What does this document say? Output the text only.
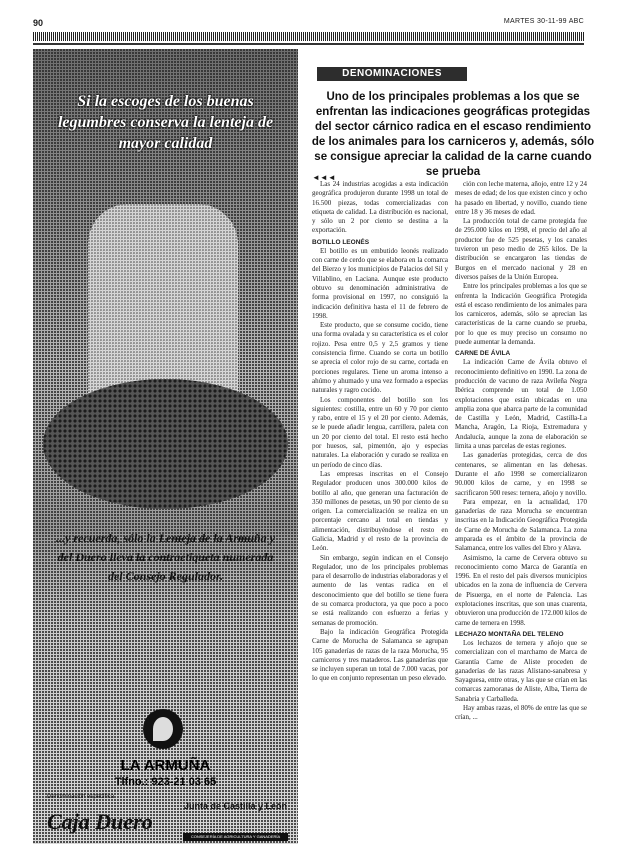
90	MARTES 30-11-99 ABC
Si la escoges de los buenas legumbres conserva la lenteja de mayor calidad
...y recuerda, sólo la Lenteja de la Armuña y del Duero lleva la contraetiqueta numerada del Consejo Regulador.
LA ARMUÑA
Tlfno.: 923-21 03 65
Denominación específica
Caja Duero
Junta de Castilla y León
CONSEJERÍA DE AGRICULTURA Y GANADERÍA
DENOMINACIONES
Uno de los principales problemas a los que se enfrentan las indicaciones geográficas protegidas del sector cárnico radica en el escaso rendimiento de los animales para los carniceros y, además, sólo se consigue apreciar la calidad de la carne cuando se prueba
◄◄◄

Las 24 industrias acogidas a esta indicación geográfica produjeron durante 1998 un total de 16.500 piezas, todas comercializadas con etiqueta de calidad. La distribución es nacional, y sólo un 2 por ciento se destina a la exportación.

BOTILLO LEONÉS

El botillo es un embutido leonés realizado con carne de cerdo que se elabora en la comarca del Bierzo y los municipios de Palacios del Sil y Villablino, en Laciana. Aunque este producto obtuvo su denominación administrativa de forma provisional en 1997, no consiguió la indicación definitiva hasta el 11 de febrero de 1998.

Este producto, que se consume cocido, tiene una forma ovalada y su característica es el color rojizo. Pesa entre 0,5 y 2,5 gramos y tiene consistencia firme. Cuando se corta un botillo se aprecia el color rojo de su carne, cortada en porciones regulares. Tiene un aroma intenso a ahúmo y ahumado y una vez formado a especias naturales y ragro cocido.

Los componentes del botillo son los siguientes: costilla, entre un 60 y 70 por ciento y rabo, entre el 15 y el 20 por ciento. Además, se le puede añadir lengua, carrillera, paleta con un 20 por ciento del total. El resto está hecho por huesos, sal, pimentón, ajo y especias naturales. La elaboración y curado se realiza en un período de cinco días.

Las empresas inscritas en el Consejo Regulador producen unos 300.000 kilos de botillo al año, que generan una facturación de 350 millones de pesetas, un 90 por ciento de su origen. La comercialización se realiza en un porcentaje cercano al total en tiendas y alimentación, distribuyéndose el resto en Galicia, Madrid y el resto de la provincia de León.

Sin embargo, según indican en el Consejo Regulador, uno de los principales problemas para el desarrollo de industrias elaboradoras y el aumento de las ventas radica en el desconocimiento que del botillo se tiene fuera de su comarca productora, ya que poco a poco se está realizando con esfuerzo a ferias y semanas de promoción.

Bajo la indicación Geográfica Protegida Carne de Morucha de Salamanca se agrupan 105 ganaderías de razas de la raza Morucha, 95 carniceros y tres mataderos. Las ganaderías que se incluyen superan un total de 7.000 vacas, por lo que en conjunto representan un peso elevado.

ción con leche materna, añojo, entre 12 y 24 meses de edad; de los que existen cinco y ocho ha pasado en libertad, y novillo, cuando tiene entre 18 y 36 meses de edad.

La producción total de carne protegida fue de 295.000 kilos en 1998, el precio del año al productor fue de 525 pesetas, y los canales tuvieron un peso medio de 265 kilos. De la distribución se encargaron las tiendas de Burgos en el mercado nacional y 28 en diversos países de la Unión Europea.

Entre los principales problemas a los que se enfrenta la Indicación Geográfica Protegida está el escaso rendimiento de los animales para los carniceros, además, sólo se aprecian las características de la carne cuando se prueba, por lo que es muy preciso un consumo no puede aumentar la demanda.

CARNE DE ÁVILA

La indicación Carne de Ávila obtuvo el reconocimiento definitivo en 1990. La zona de producción de vacuno de raza Avileña Negra Ibérica comprende un total de 1.050 explotaciones que están ubicadas en una amplia zona que abarca parte de la comunidad de Castilla y León, Madrid, Castilla-La Mancha, Aragón, La Rioja, Extremadura y Andalucía, aunque la zona de elaboración se limita a unas parcelas de estas regiones.

Las ganaderías protegidas, cerca de dos centenares, se alimentan en las dehesas. Durante el año 1998 se comercializaron 90.000 kilos de carne, y en 1998 se sacrificaron 500 reses: ternera, añojo y novillo.

Para empezar, en la actualidad, 170 ganaderías de raza Morucha se encuentran inscritas en la Indicación Geográfica Protegida de Carne de Morucha de Salamanca. La zona amparada es el ámbito de la provincia de Salamanca, entre los valles del Ebro y Alava.

Asimismo, la carne de Cervera obtuvo su reconocimiento como Marca de Garantía en 1996. En el resto del país diversos municipios ubicados en la zona de influencia de Cervera de Pisuerga, en el norte de Palencia. Las explotaciones inscritas, que son unas cuarenta, obtuvieron una producción de 172.000 kilos de carne de ternera en 1998.

LECHAZO MONTAÑA DEL TELENO

Los lechazos de ternera y añojo que se comercializan con el marchamo de Marca de Garantía Carne de Aliste proceden de ganaderías de las razas Alistano-sanabresa y Sayaguesa, entre otras, y las que se crían en las comarcas zamoranas de Aliste, Alba, Tierra de Sanabria y Carballeda.

Hay ambas razas, el 80% de entre las que se crían, ...
